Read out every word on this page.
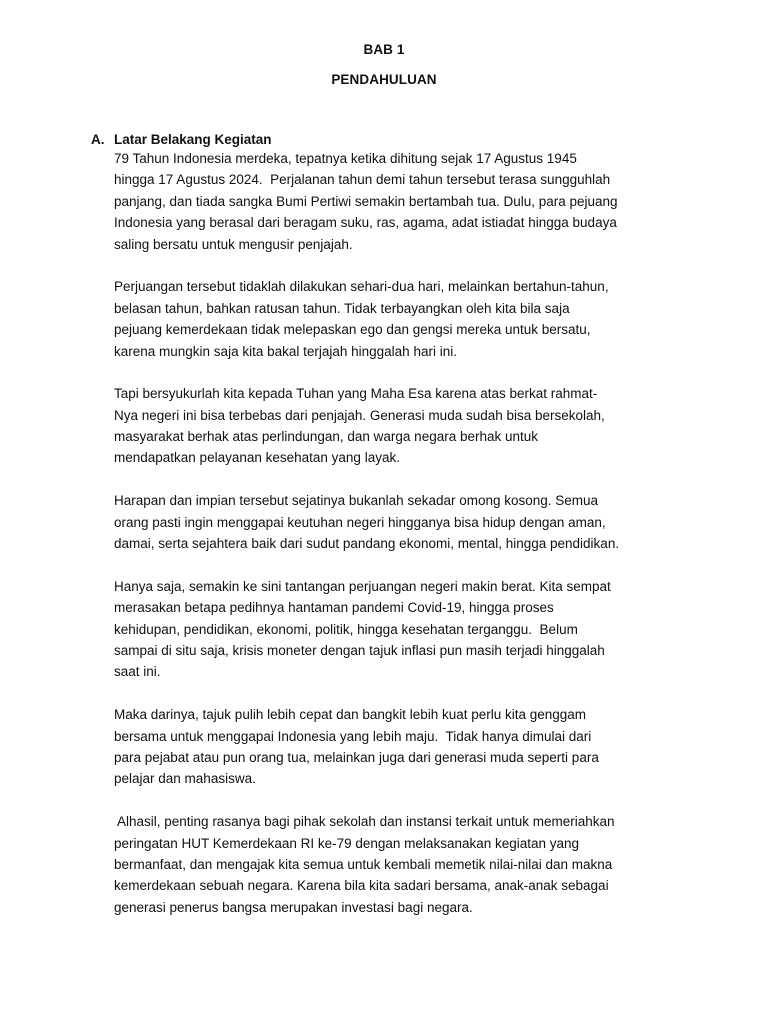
BAB 1
PENDAHULUAN
A. Latar Belakang Kegiatan
79 Tahun Indonesia merdeka, tepatnya ketika dihitung sejak 17 Agustus 1945
hingga 17 Agustus 2024.  Perjalanan tahun demi tahun tersebut terasa sungguhlah
panjang, dan tiada sangka Bumi Pertiwi semakin bertambah tua. Dulu, para pejuang
Indonesia yang berasal dari beragam suku, ras, agama, adat istiadat hingga budaya
saling bersatu untuk mengusir penjajah.
Perjuangan tersebut tidaklah dilakukan sehari-dua hari, melainkan bertahun-tahun,
belasan tahun, bahkan ratusan tahun. Tidak terbayangkan oleh kita bila saja
pejuang kemerdekaan tidak melepaskan ego dan gengsi mereka untuk bersatu,
karena mungkin saja kita bakal terjajah hinggalah hari ini.
Tapi bersyukurlah kita kepada Tuhan yang Maha Esa karena atas berkat rahmat-
Nya negeri ini bisa terbebas dari penjajah. Generasi muda sudah bisa bersekolah,
masyarakat berhak atas perlindungan, dan warga negara berhak untuk
mendapatkan pelayanan kesehatan yang layak.
Harapan dan impian tersebut sejatinya bukanlah sekadar omong kosong. Semua
orang pasti ingin menggapai keutuhan negeri hingganya bisa hidup dengan aman,
damai, serta sejahtera baik dari sudut pandang ekonomi, mental, hingga pendidikan.
Hanya saja, semakin ke sini tantangan perjuangan negeri makin berat. Kita sempat
merasakan betapa pedihnya hantaman pandemi Covid-19, hingga proses
kehidupan, pendidikan, ekonomi, politik, hingga kesehatan terganggu.  Belum
sampai di situ saja, krisis moneter dengan tajuk inflasi pun masih terjadi hinggalah
saat ini.
Maka darinya, tajuk pulih lebih cepat dan bangkit lebih kuat perlu kita genggam
bersama untuk menggapai Indonesia yang lebih maju.  Tidak hanya dimulai dari
para pejabat atau pun orang tua, melainkan juga dari generasi muda seperti para
pelajar dan mahasiswa.
Alhasil, penting rasanya bagi pihak sekolah dan instansi terkait untuk memeriahkan
peringatan HUT Kemerdekaan RI ke-79 dengan melaksanakan kegiatan yang
bermanfaat, dan mengajak kita semua untuk kembali memetik nilai-nilai dan makna
kemerdekaan sebuah negara. Karena bila kita sadari bersama, anak-anak sebagai
generasi penerus bangsa merupakan investasi bagi negara.
